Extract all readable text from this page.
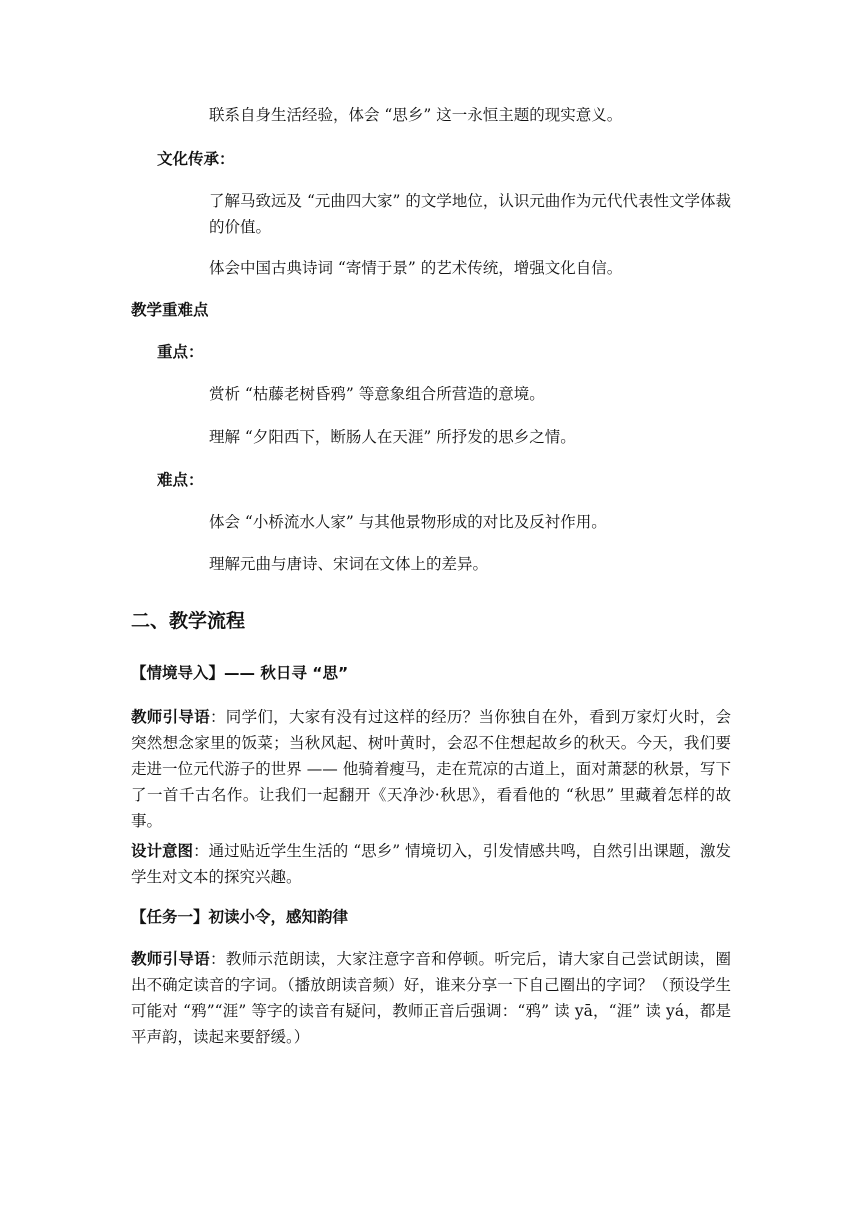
联系自身生活经验，体会 “思乡” 这一永恒主题的现实意义。
文化传承：
了解马致远及 “元曲四大家” 的文学地位，认识元曲作为元代代表性文学体裁的价值。
体会中国古典诗词 “寄情于景” 的艺术传统，增强文化自信。
教学重难点
重点：
赏析 “枯藤老树昏鸦” 等意象组合所营造的意境。
理解 “夕阳西下，断肠人在天涯” 所抒发的思乡之情。
难点：
体会 “小桥流水人家” 与其他景物形成的对比及反衬作用。
理解元曲与唐诗、宋词在文体上的差异。
二、教学流程
【情境导入】—— 秋日寻 “思”
教师引导语：同学们，大家有没有过这样的经历？当你独自在外，看到万家灯火时，会突然想念家里的饭菜；当秋风起、树叶黄时，会忍不住想起故乡的秋天。今天，我们要走进一位元代游子的世界 —— 他骑着瘦马，走在荒凉的古道上，面对萧瑟的秋景，写下了一首千古名作。让我们一起翻开《天净沙·秋思》，看看他的 “秋思” 里藏着怎样的故事。
设计意图：通过贴近学生生活的 “思乡” 情境切入，引发情感共鸣，自然引出课题，激发学生对文本的探究兴趣。
【任务一】初读小令，感知韵律
教师引导语：教师示范朗读，大家注意字音和停顿。听完后，请大家自己尝试朗读，圈出不确定读音的字词。（播放朗读音频）好，谁来分享一下自己圈出的字词？（预设学生可能对 “鸦”“涯” 等字的读音有疑问，教师正音后强调：“鸦” 读 yā，“涯” 读 yá，都是平声韵，读起来要舒缓。）
